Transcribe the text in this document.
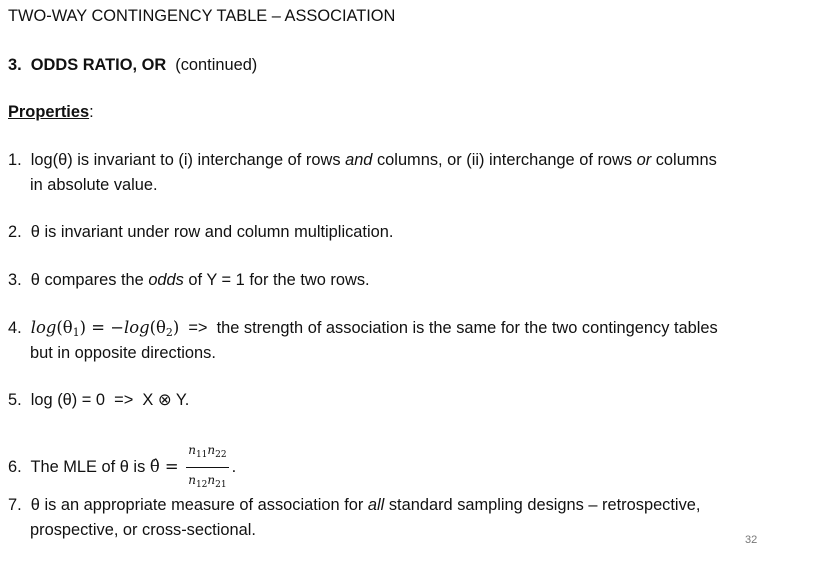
TWO-WAY CONTINGENCY TABLE – ASSOCIATION
3. ODDS RATIO, OR (continued)
Properties:
1. log(θ) is invariant to (i) interchange of rows and columns, or (ii) interchange of rows or columns
in absolute value.
2. θ is invariant under row and column multiplication.
3. θ compares the odds of Y = 1 for the two rows.
4. $\log(\theta_1) = -\log(\theta_2)$  =>  the strength of association is the same for the two contingency tables
but in opposite directions.
5. log (θ) = 0  =>  X ⊗ Y.
6. The MLE of θ is θ̂ = $\frac{n_{11}n_{22}}{n_{12}n_{21}}$ .
7. θ is an appropriate measure of association for all standard sampling designs – retrospective,
prospective, or cross-sectional.
32
